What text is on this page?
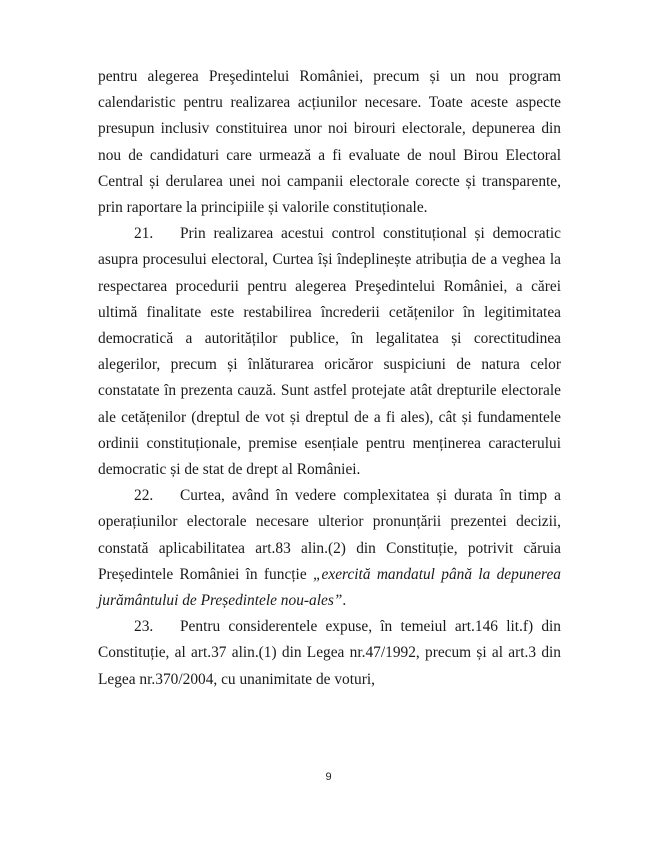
pentru alegerea Preşedintelui României, precum și un nou program calendaristic pentru realizarea acțiunilor necesare. Toate aceste aspecte presupun inclusiv constituirea unor noi birouri electorale, depunerea din nou de candidaturi care urmează a fi evaluate de noul Birou Electoral Central și derularea unei noi campanii electorale corecte și transparente, prin raportare la principiile și valorile constituționale.

21. Prin realizarea acestui control constituțional și democratic asupra procesului electoral, Curtea își îndeplinește atribuția de a veghea la respectarea procedurii pentru alegerea Preşedintelui României, a cărei ultimă finalitate este restabilirea încrederii cetățenilor în legitimitatea democratică a autorităților publice, în legalitatea și corectitudinea alegerilor, precum și înlăturarea oricăror suspiciuni de natura celor constatate în prezenta cauză. Sunt astfel protejate atât drepturile electorale ale cetățenilor (dreptul de vot și dreptul de a fi ales), cât și fundamentele ordinii constituționale, premise esențiale pentru menținerea caracterului democratic și de stat de drept al României.

22. Curtea, având în vedere complexitatea și durata în timp a operațiunilor electorale necesare ulterior pronunțării prezentei decizii, constată aplicabilitatea art.83 alin.(2) din Constituție, potrivit căruia Președintele României în funcție „exercită mandatul până la depunerea jurământului de Președintele nou-ales”.

23. Pentru considerentele expuse, în temeiul art.146 lit.f) din Constituție, al art.37 alin.(1) din Legea nr.47/1992, precum și al art.3 din Legea nr.370/2004, cu unanimitate de voturi,

9
